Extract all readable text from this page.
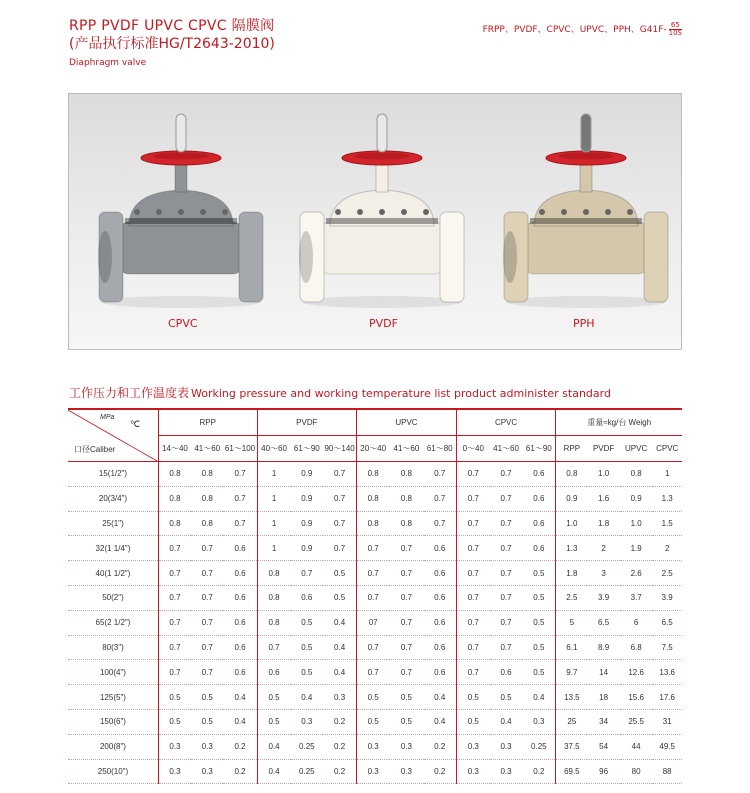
RPP PVDF UPVC CPVC 隔膜阀
(产品执行标准HG/T2643-2010)
Diaphragm valve
FRPP、PVDF、CPVC、UPVC、PPH、$G41F- \frac{65}{10S}$
CPVC	PVDF	PPH
工作压力和工作温度表 Working pressure and working temperature list product administer standard
MPa
℃
口径Caliber	RPP			PVDF			UPVC			CPVC			重量≈kg/台 Weigh			
	14～40	41～60	61～100	40～60	61～90	90～140	20～40	41～60	61～80	0～40	41～60	61～90	RPP	PVDF	UPVC	CPVC
15(1/2")	0.8	0.8	0.7	1	0.9	0.7	0.8	0.8	0.7	0.7	0.7	0.6	0.8	1.0	0.8	1
20(3/4")	0.8	0.8	0.7	1	0.9	0.7	0.8	0.8	0.7	0.7	0.7	0.6	0.9	1.6	0.9	1.3
25(1")	0.8	0.8	0.7	1	0.9	0.7	0.8	0.8	0.7	0.7	0.7	0.6	1.0	1.8	1.0	1.5
32(1 1/4")	0.7	0.7	0.6	1	0.9	0.7	0.7	0.7	0.6	0.7	0.7	0.6	1.3	2	1.9	2
40(1 1/2")	0.7	0.7	0.6	0.8	0.7	0.5	0.7	0.7	0.6	0.7	0.7	0.5	1.8	3	2.6	2.5
50(2")	0.7	0.7	0.6	0.8	0.6	0.5	0.7	0.7	0.6	0.7	0.7	0.5	2.5	3.9	3.7	3.9
65(2 1/2")	0.7	0.7	0.6	0.8	0.5	0.4	07	0.7	0.6	0.7	0.7	0.5	5	6.5	6	6.5
80(3")	0.7	0.7	0.6	0.7	0.5	0.4	0.7	0.7	0.6	0.7	0.7	0.5	6.1	8.9	6.8	7.5
100(4")	0.7	0.7	0.6	0.6	0.5	0.4	0.7	0.7	0.6	0.7	0.6	0.5	9.7	14	12.6	13.6
125(5")	0.5	0.5	0.4	0.5	0.4	0.3	0.5	0.5	0.4	0.5	0.5	0.4	13.5	18	15.6	17.6
150(6")	0.5	0.5	0.4	0.5	0.3	0.2	0.5	0.5	0.4	0.5	0.4	0.3	25	34	25.5	31
200(8")	0.3	0.3	0.2	0.4	0.25	0.2	0.3	0.3	0.2	0.3	0.3	0.25	37.5	54	44	49.5
250(10")	0.3	0.3	0.2	0.4	0.25	0.2	0.3	0.3	0.2	0.3	0.3	0.2	69.5	96	80	88
